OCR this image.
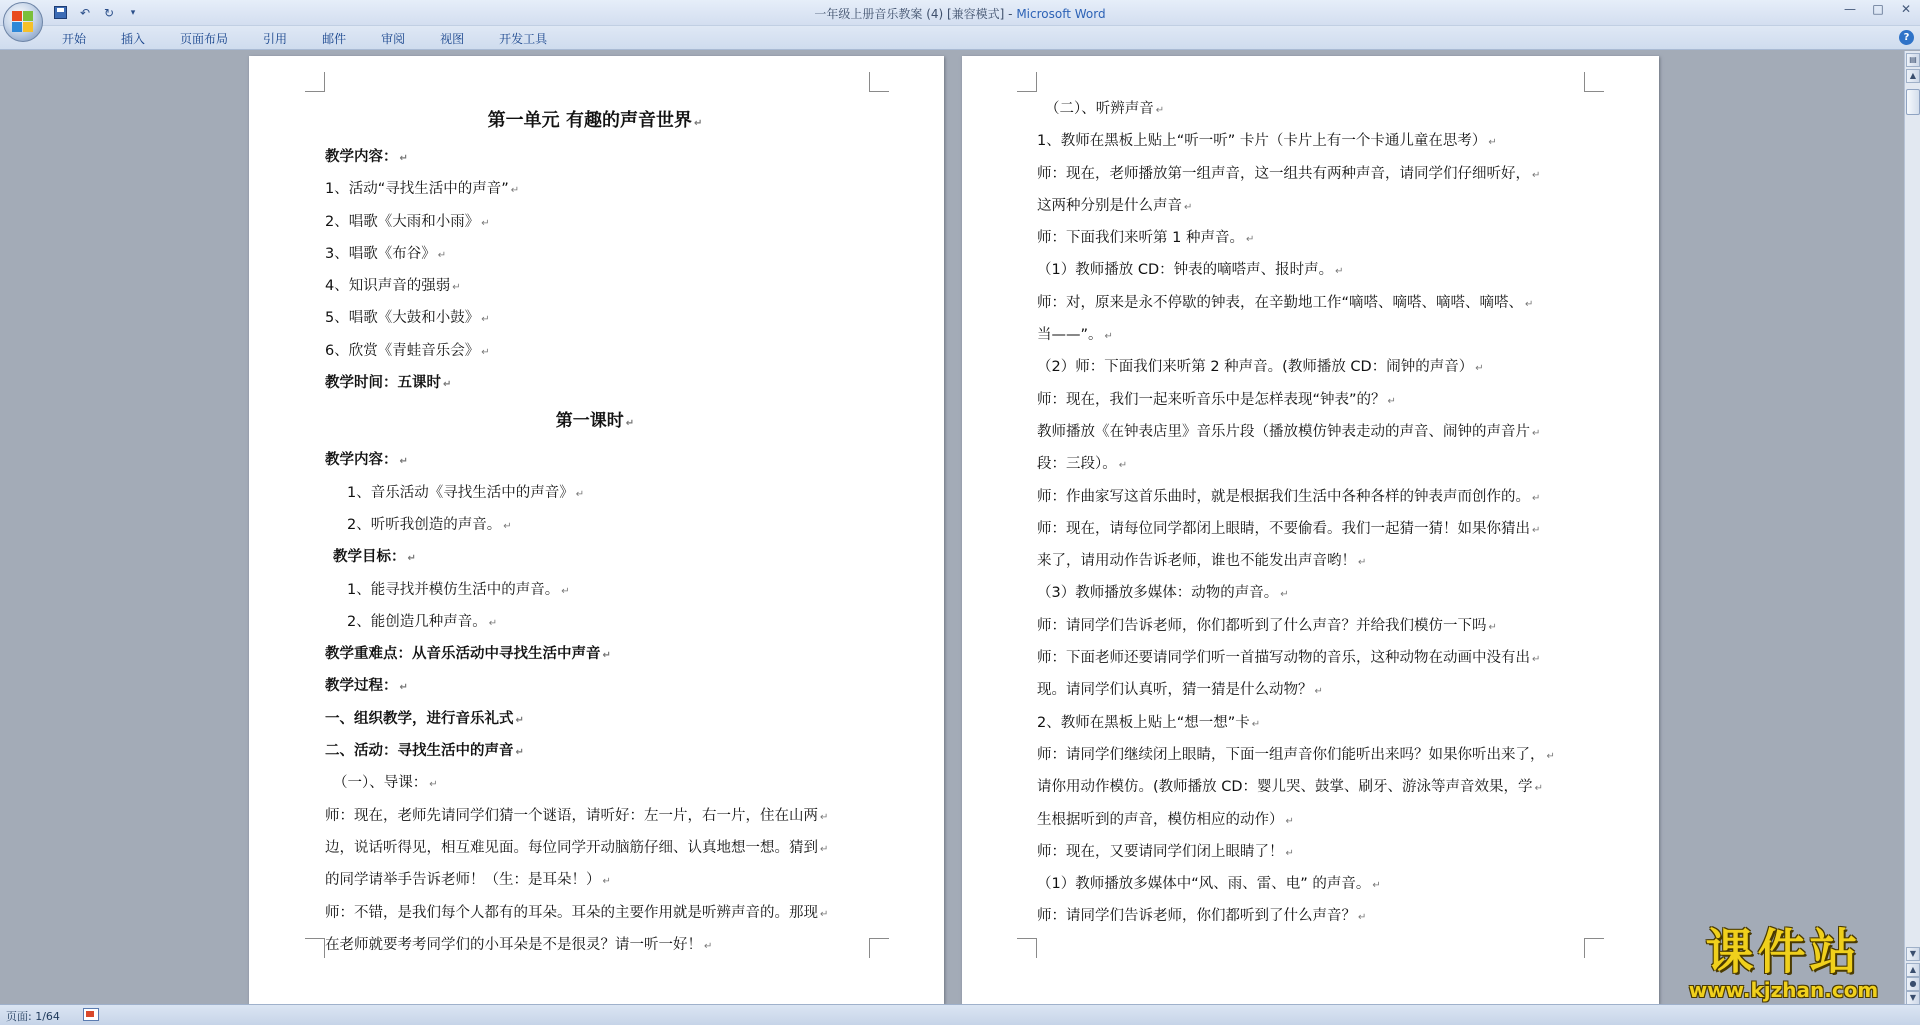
↶	↻	▾	一年级上册音乐教案 (4) [兼容模式] - Microsoft Word	—	□	✕
开始	插入	页面布局	引用	邮件	审阅	视图	开发工具	?
第一单元 有趣的声音世界 ↵
教学内容： ↵
1、活动“寻找生活中的声音” ↵
2、唱歌《大雨和小雨》 ↵
3、唱歌《布谷》 ↵
4、知识声音的强弱 ↵
5、唱歌《大鼓和小鼓》 ↵
6、欣赏《青蛙音乐会》 ↵
教学时间：五课时 ↵
第一课时 ↵
教学内容： ↵
1、音乐活动《寻找生活中的声音》 ↵
2、听听我创造的声音。 ↵
教学目标： ↵
1、能寻找并模仿生活中的声音。 ↵
2、能创造几种声音。 ↵
教学重难点：从音乐活动中寻找生活中声音 ↵
教学过程： ↵
一、组织教学，进行音乐礼式 ↵
二、活动：寻找生活中的声音 ↵
（一）、导课： ↵
师：现在，老师先请同学们猜一个谜语，请听好：左一片，右一片，住在山两 ↵
边，说话听得见，相互难见面。每位同学开动脑筋仔细、认真地想一想。猜到 ↵
的同学请举手告诉老师！（生：是耳朵！） ↵
师：不错，是我们每个人都有的耳朵。耳朵的主要作用就是听辨声音的。那现 ↵
在老师就要考考同学们的小耳朵是不是很灵？请一听一好！ ↵
（二）、听辨声音 ↵
1、教师在黑板上贴上“听一听” 卡片（卡片上有一个卡通儿童在思考） ↵
师：现在，老师播放第一组声音，这一组共有两种声音，请同学们仔细听好， ↵
这两种分别是什么声音 ↵
师：下面我们来听第 1 种声音。 ↵
（1）教师播放 CD：钟表的嘀嗒声、报时声。 ↵
师：对，原来是永不停歇的钟表，在辛勤地工作“嘀嗒、嘀嗒、嘀嗒、嘀嗒、 ↵
当——”。 ↵
（2）师：下面我们来听第 2 种声音。(教师播放 CD：闹钟的声音） ↵
师：现在，我们一起来听音乐中是怎样表现“钟表”的？ ↵
教师播放《在钟表店里》音乐片段（播放模仿钟表走动的声音、闹钟的声音片 ↵
段：三段）。 ↵
师：作曲家写这首乐曲时，就是根据我们生活中各种各样的钟表声而创作的。 ↵
师：现在，请每位同学都闭上眼睛，不要偷看。我们一起猜一猜！如果你猜出 ↵
来了，请用动作告诉老师，谁也不能发出声音哟！ ↵
（3）教师播放多媒体：动物的声音。 ↵
师：请同学们告诉老师，你们都听到了什么声音？并给我们模仿一下吗 ↵
师：下面老师还要请同学们听一首描写动物的音乐，这种动物在动画中没有出 ↵
现。请同学们认真听，猜一猜是什么动物？ ↵
2、教师在黑板上贴上“想一想”卡 ↵
师：请同学们继续闭上眼睛，下面一组声音你们能听出来吗？如果你听出来了， ↵
请你用动作模仿。(教师播放 CD：婴儿哭、鼓掌、刷牙、游泳等声音效果，学 ↵
生根据听到的声音，模仿相应的动作） ↵
师：现在，又要请同学们闭上眼睛了！ ↵
（1）教师播放多媒体中“风、雨、雷、电” 的声音。 ↵
师：请同学们告诉老师，你们都听到了什么声音？ ↵
▤
▲
▼
▲
●
▼
页面: 1/64
课件站
www.kjzhan.com
